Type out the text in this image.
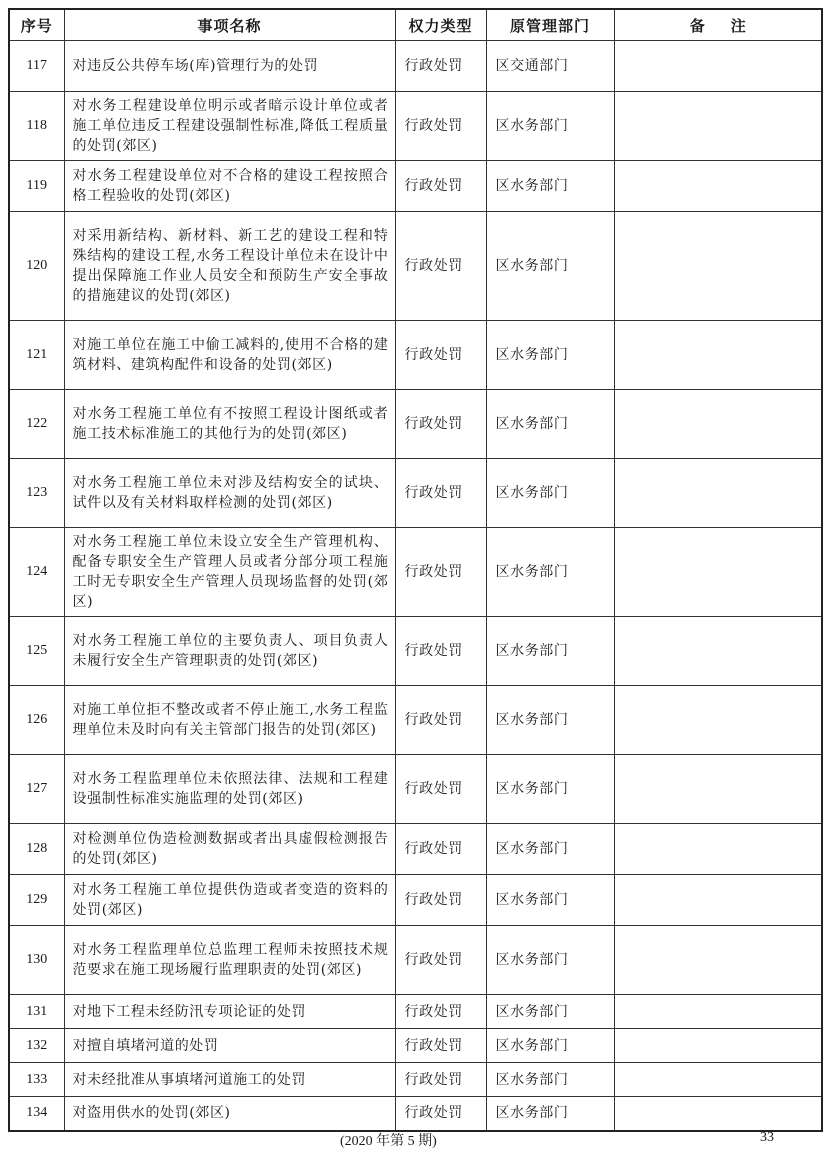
序号	事项名称	权力类型	原管理部门	备注
117	对违反公共停车场(库)管理行为的处罚	行政处罚	区交通部门	
118	对水务工程建设单位明示或者暗示设计单位或者施工单位违反工程建设强制性标准,降低工程质量的处罚(郊区)	行政处罚	区水务部门	
119	对水务工程建设单位对不合格的建设工程按照合格工程验收的处罚(郊区)	行政处罚	区水务部门	
120	对采用新结构、新材料、新工艺的建设工程和特殊结构的建设工程,水务工程设计单位未在设计中提出保障施工作业人员安全和预防生产安全事故的措施建议的处罚(郊区)	行政处罚	区水务部门	
121	对施工单位在施工中偷工减料的,使用不合格的建筑材料、建筑构配件和设备的处罚(郊区)	行政处罚	区水务部门	
122	对水务工程施工单位有不按照工程设计图纸或者施工技术标准施工的其他行为的处罚(郊区)	行政处罚	区水务部门	
123	对水务工程施工单位未对涉及结构安全的试块、试件以及有关材料取样检测的处罚(郊区)	行政处罚	区水务部门	
124	对水务工程施工单位未设立安全生产管理机构、配备专职安全生产管理人员或者分部分项工程施工时无专职安全生产管理人员现场监督的处罚(郊区)	行政处罚	区水务部门	
125	对水务工程施工单位的主要负责人、项目负责人未履行安全生产管理职责的处罚(郊区)	行政处罚	区水务部门	
126	对施工单位拒不整改或者不停止施工,水务工程监理单位未及时向有关主管部门报告的处罚(郊区)	行政处罚	区水务部门	
127	对水务工程监理单位未依照法律、法规和工程建设强制性标准实施监理的处罚(郊区)	行政处罚	区水务部门	
128	对检测单位伪造检测数据或者出具虚假检测报告的处罚(郊区)	行政处罚	区水务部门	
129	对水务工程施工单位提供伪造或者变造的资料的处罚(郊区)	行政处罚	区水务部门	
130	对水务工程监理单位总监理工程师未按照技术规范要求在施工现场履行监理职责的处罚(郊区)	行政处罚	区水务部门	
131	对地下工程未经防汛专项论证的处罚	行政处罚	区水务部门	
132	对擅自填堵河道的处罚	行政处罚	区水务部门	
133	对未经批准从事填堵河道施工的处罚	行政处罚	区水务部门	
134	对盗用供水的处罚(郊区)	行政处罚	区水务部门	
(2020 年第 5 期)	33
